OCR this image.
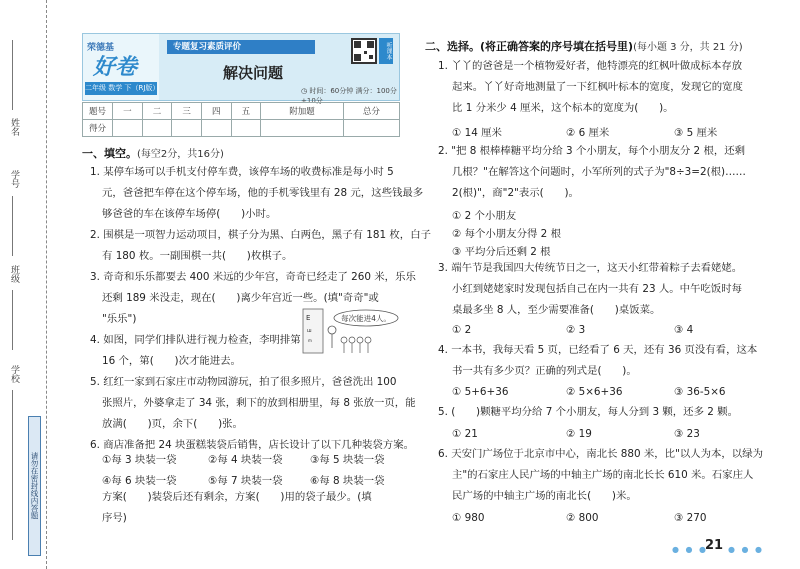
姓名
学号
班级
学校
请勿在密封线内答题
荣德基
好卷
二年级 数学 下（RJ版）
专题复习素质评价
解决问题
听课本
◷ 时间：60分钟 满分：100分+10分
题号	一	二	三	四	五	附加题	总分
得分							
一、填空。(每空2分，共16分)
1. 某停车场可以手机支付停车费，该停车场的收费标准是每小时 5
元，爸爸把车停在这个停车场，他的手机零钱里有 28 元，这些钱最多
够爸爸的车在该停车场停(　　)小时。
2. 围棋是一项智力运动项目，棋子分为黑、白两色，黑子有 181 枚，白子
有 180 枚。一副围棋一共(　　)枚棋子。
3. 奇奇和乐乐都要去 400 米远的少年宫，奇奇已经走了 260 米，乐乐
还剩 189 米没走，现在(　　)离少年宫近一些。(填"奇奇"或
"乐乐")
4. 如图，同学们排队进行视力检查，李明排第
16 个，第(　　)次才能进去。
5. 红红一家到石家庄市动物园游玩，拍了很多照片，爸爸洗出 100
张照片，外婆拿走了 34 张，剩下的放到相册里，每 8 张放一页，能
放满(　　)页，余下(　　)张。
6. 商店准备把 24 块蛋糕装袋后销售，店长设计了以下几种装袋方案。
E
ш
m
每次能进4人。
①每 3 块装一袋	②每 4 块装一袋	③每 5 块装一袋
④每 6 块装一袋	⑤每 7 块装一袋	⑥每 8 块装一袋
方案(　　)装袋后还有剩余，方案(　　)用的袋子最少。(填
序号)
二、选择。(将正确答案的序号填在括号里)(每小题 3 分，共 21 分)
1. 丫丫的爸爸是一个植物爱好者，他特漂亮的红枫叶做成标本存放
起来。丫丫好奇地测量了一下红枫叶标本的宽度，发现它的宽度
比 1 分米少 4 厘米，这个标本的宽度为(　　)。
① 14 厘米	② 6 厘米	③ 5 厘米
2. "把 8 根棒棒糖平均分给 3 个小朋友，每个小朋友分 2 根，还剩
几根？"在解答这个问题时，小军所列的式子为"8÷3=2(根)……
2(根)"，商"2"表示(　　)。
① 2 个小朋友
② 每个小朋友分得 2 根
③ 平均分后还剩 2 根
3. 端午节是我国四大传统节日之一，这天小红带着粽子去看姥姥。
小红到姥姥家时发现包括自己在内一共有 23 人。中午吃饭时每
桌最多坐 8 人，至少需要准备(　　)桌饭菜。
① 2	② 3	③ 4
4. 一本书，我每天看 5 页，已经看了 6 天，还有 36 页没有看，这本
书一共有多少页？正确的列式是(　　)。
① 5+6+36	② 5×6+36	③ 36-5×6
5. (　　)颗糖平均分给 7 个小朋友，每人分到 3 颗，还多 2 颗。
① 21	② 19	③ 23
6. 天安门广场位于北京市中心，南北长 880 米，比"以人为本，以绿为
主"的石家庄人民广场的中轴主广场的南北长长 610 米。石家庄人
民广场的中轴主广场的南北长(　　)米。
① 980	② 800	③ 270
● ● ●
21 ● ● ●
